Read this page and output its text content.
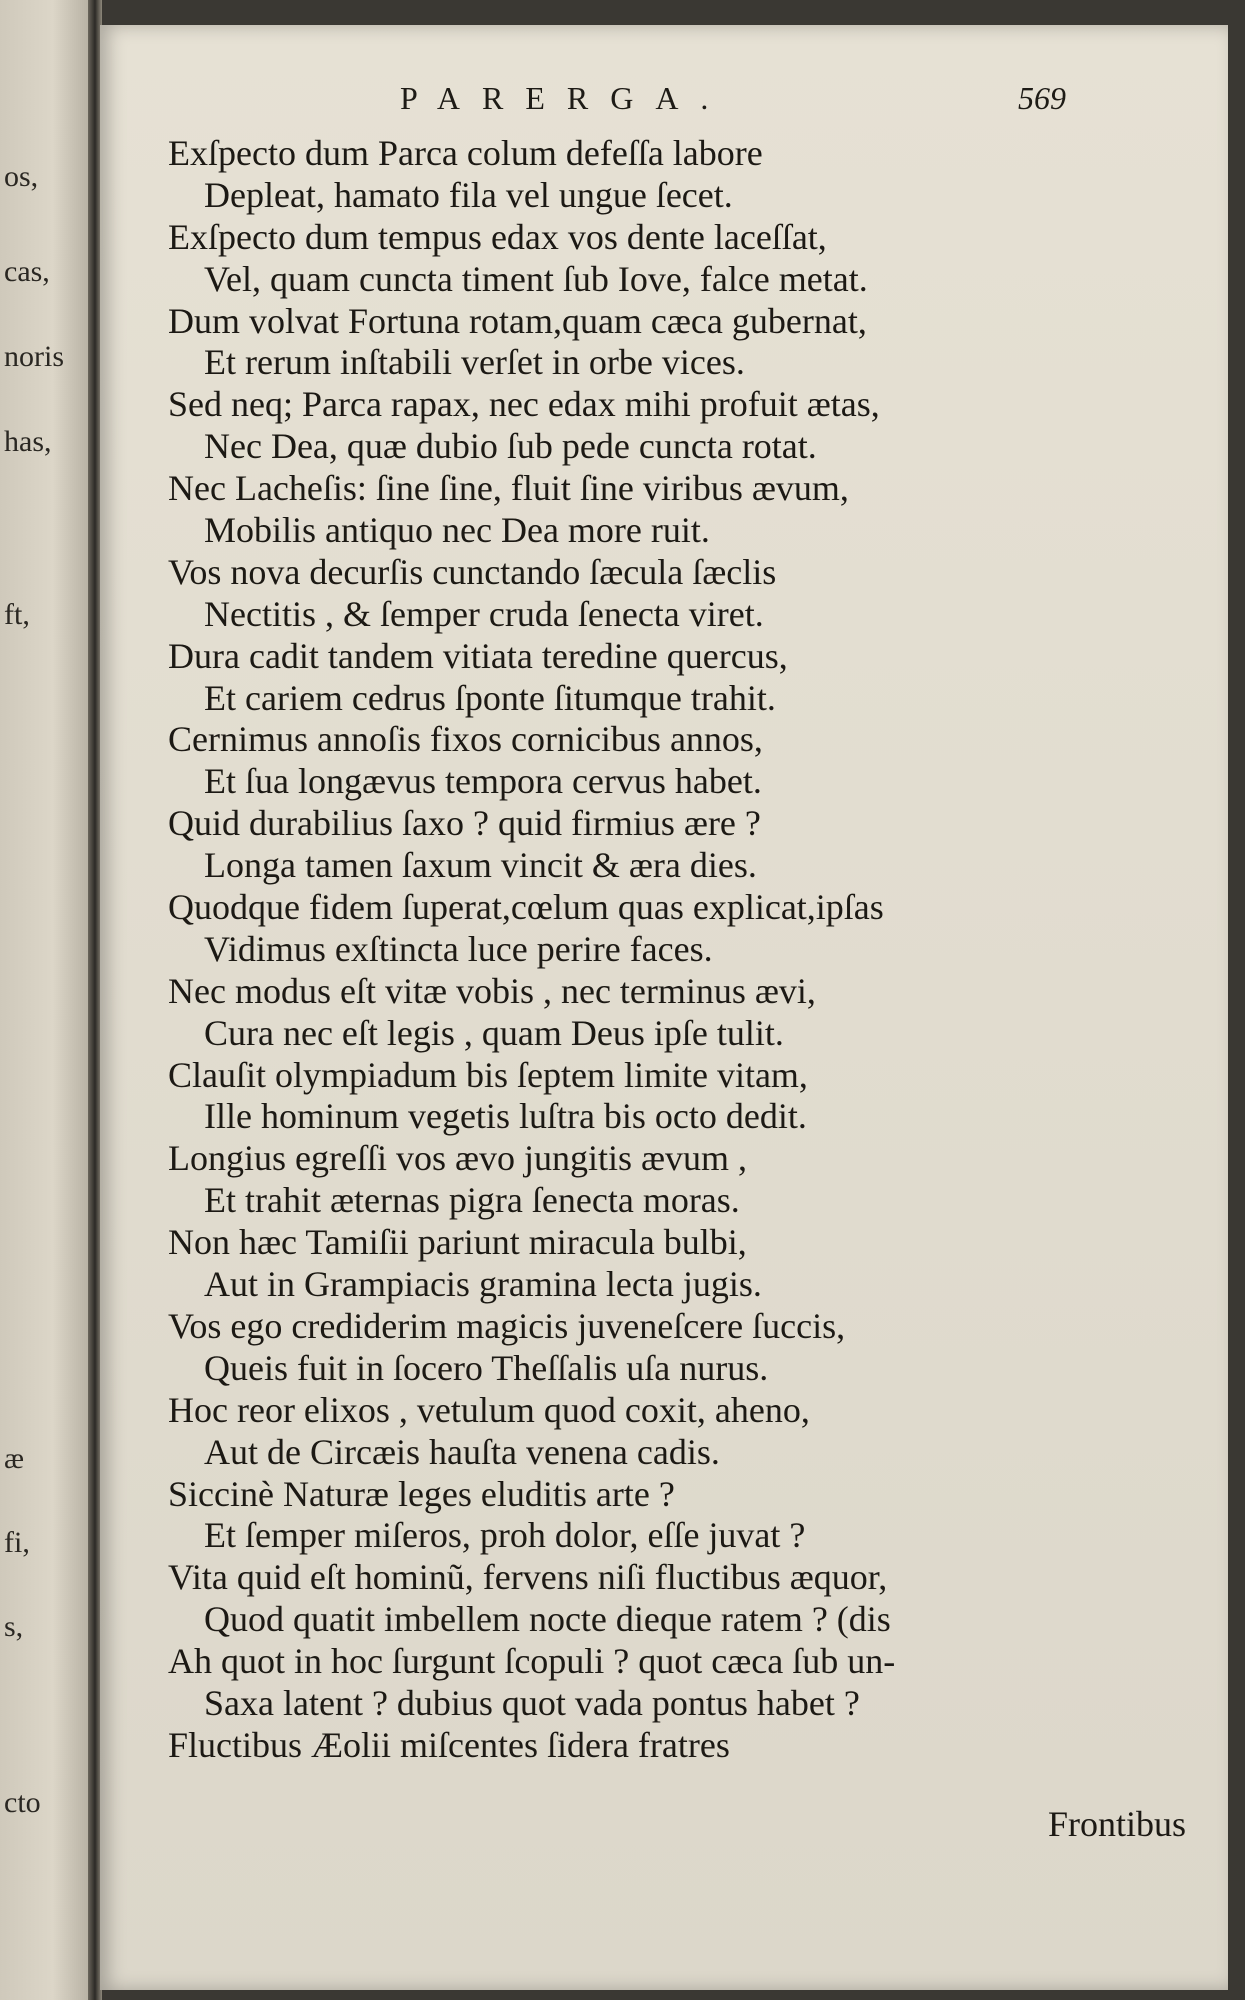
os,
cas,
noris
has,
ft,
æ
fi,
s,
cto
PARERGA.	569
Exſpecto dum Parca colum defeſſa labore
Depleat, hamato fila vel ungue ſecet.
Exſpecto dum tempus edax vos dente laceſſat,
Vel, quam cuncta timent ſub Iove, falce metat.
Dum volvat Fortuna rotam,quam cæca gubernat,
Et rerum inſtabili verſet in orbe vices.
Sed neq; Parca rapax, nec edax mihi profuit ætas,
Nec Dea, quæ dubio ſub pede cuncta rotat.
Nec Lacheſis: ſine ſine, fluit ſine viribus ævum,
Mobilis antiquo nec Dea more ruit.
Vos nova decurſis cunctando ſæcula ſæclis
Nectitis , & ſemper cruda ſenecta viret.
Dura cadit tandem vitiata teredine quercus,
Et cariem cedrus ſponte ſitumque trahit.
Cernimus annoſis fixos cornicibus annos,
Et ſua longævus tempora cervus habet.
Quid durabilius ſaxo ? quid firmius ære ?
Longa tamen ſaxum vincit & æra dies.
Quodque fidem ſuperat,cœlum quas explicat,ipſas
Vidimus exſtincta luce perire faces.
Nec modus eſt vitæ vobis , nec terminus ævi,
Cura nec eſt legis , quam Deus ipſe tulit.
Clauſit olympiadum bis ſeptem limite vitam,
Ille hominum vegetis luſtra bis octo dedit.
Longius egreſſi vos ævo jungitis ævum ,
Et trahit æternas pigra ſenecta moras.
Non hæc Tamiſii pariunt miracula bulbi,
Aut in Grampiacis gramina lecta jugis.
Vos ego crediderim magicis juveneſcere ſuccis,
Queis fuit in ſocero Theſſalis uſa nurus.
Hoc reor elixos , vetulum quod coxit, aheno,
Aut de Circæis hauſta venena cadis.
Siccinè Naturæ leges eluditis arte ?
Et ſemper miſeros, proh dolor, eſſe juvat ?
Vita quid eſt hominũ, fervens niſi fluctibus æquor,
Quod quatit imbellem nocte dieque ratem ? (dis
Ah quot in hoc ſurgunt ſcopuli ? quot cæca ſub un-
Saxa latent ? dubius quot vada pontus habet ?
Fluctibus Æolii miſcentes ſidera fratres
Frontibus
